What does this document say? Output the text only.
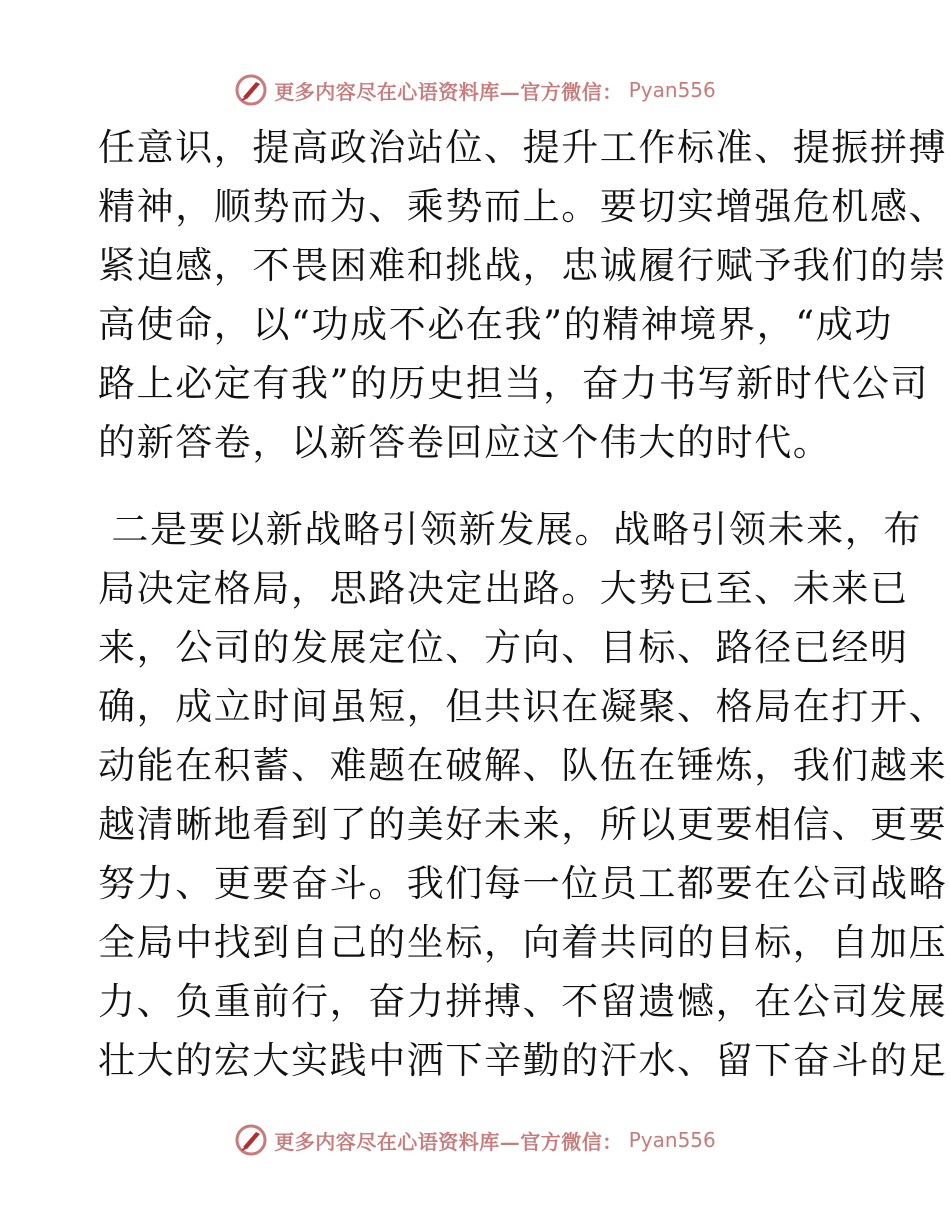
更多内容尽在心语资料库—官方微信： Pyan556

任意识，提高政治站位、提升工作标准、提振拼搏
精神，顺势而为、乘势而上。要切实增强危机感、
紧迫感，不畏困难和挑战，忠诚履行赋予我们的崇
高使命，以“功成不必在我”的精神境界，“成功
路上必定有我”的历史担当，奋力书写新时代公司
的新答卷，以新答卷回应这个伟大的时代。

二是要以新战略引领新发展。战略引领未来，布
局决定格局，思路决定出路。大势已至、未来已
来，公司的发展定位、方向、目标、路径已经明
确，成立时间虽短，但共识在凝聚、格局在打开、
动能在积蓄、难题在破解、队伍在锤炼，我们越来
越清晰地看到了的美好未来，所以更要相信、更要
努力、更要奋斗。我们每一位员工都要在公司战略
全局中找到自己的坐标，向着共同的目标，自加压
力、负重前行，奋力拼搏、不留遗憾，在公司发展
壮大的宏大实践中洒下辛勤的汗水、留下奋斗的足

更多内容尽在心语资料库—官方微信： Pyan556
